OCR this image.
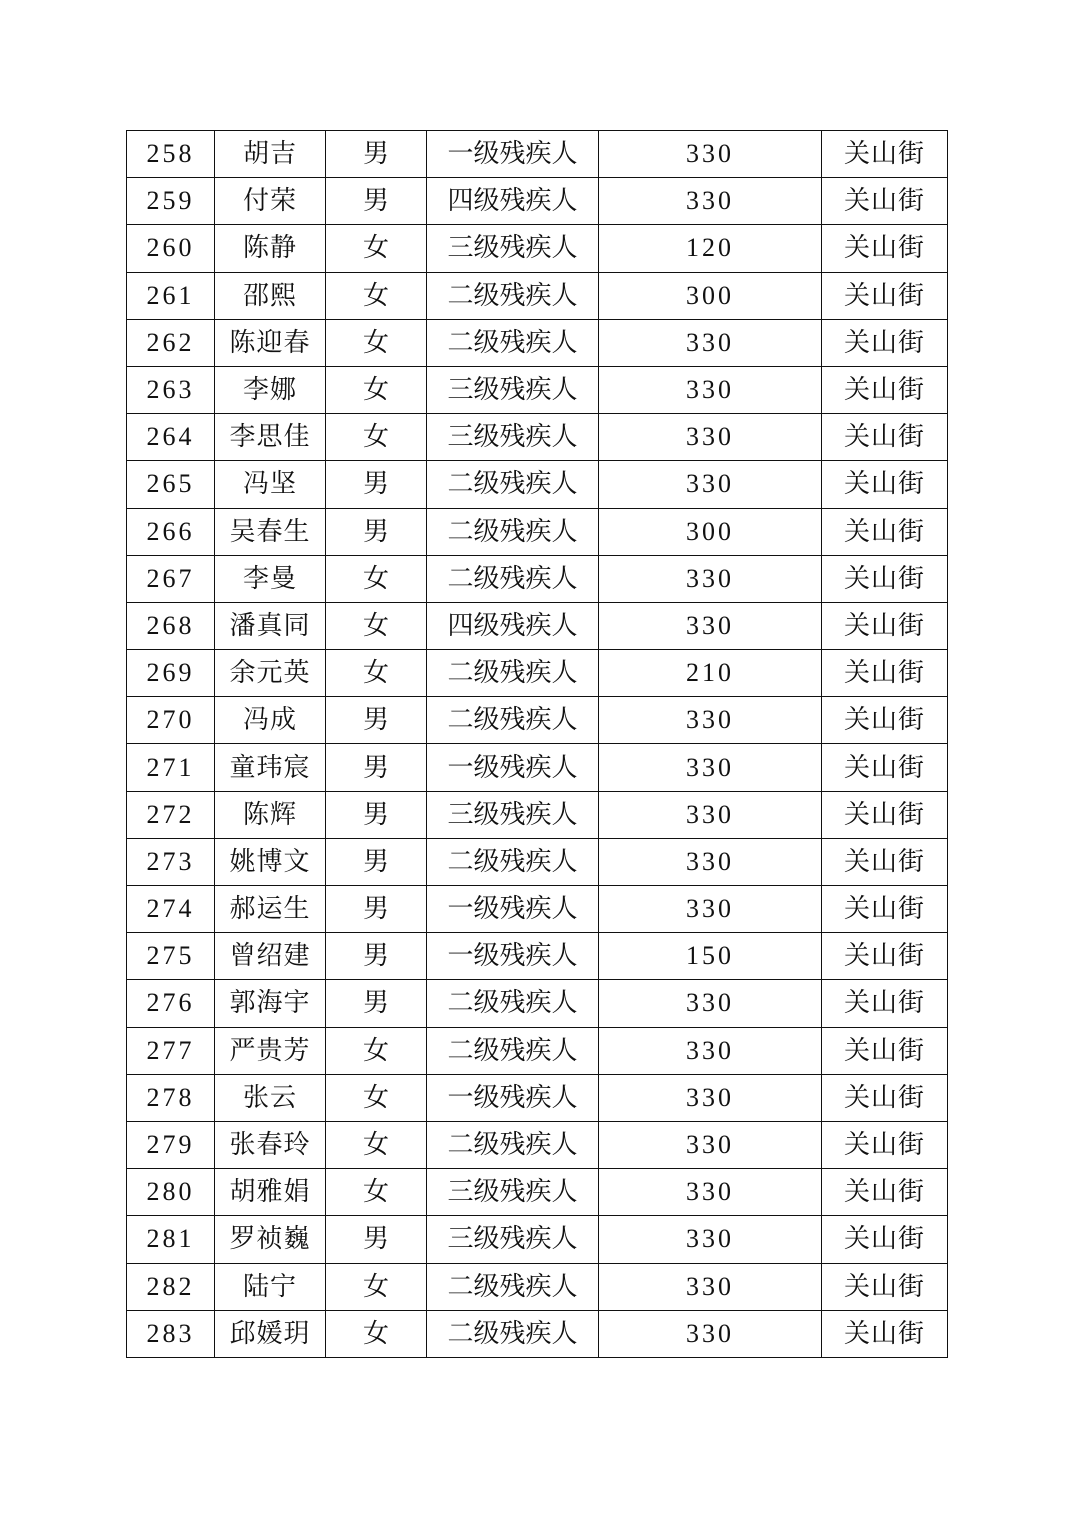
258	胡吉	男	一级残疾人	330	关山街
259	付荣	男	四级残疾人	330	关山街
260	陈静	女	三级残疾人	120	关山街
261	邵熙	女	二级残疾人	300	关山街
262	陈迎春	女	二级残疾人	330	关山街
263	李娜	女	三级残疾人	330	关山街
264	李思佳	女	三级残疾人	330	关山街
265	冯坚	男	二级残疾人	330	关山街
266	吴春生	男	二级残疾人	300	关山街
267	李曼	女	二级残疾人	330	关山街
268	潘真同	女	四级残疾人	330	关山街
269	余元英	女	二级残疾人	210	关山街
270	冯成	男	二级残疾人	330	关山街
271	童玮宸	男	一级残疾人	330	关山街
272	陈辉	男	三级残疾人	330	关山街
273	姚博文	男	二级残疾人	330	关山街
274	郝运生	男	一级残疾人	330	关山街
275	曾绍建	男	一级残疾人	150	关山街
276	郭海宇	男	二级残疾人	330	关山街
277	严贵芳	女	二级残疾人	330	关山街
278	张云	女	一级残疾人	330	关山街
279	张春玲	女	二级残疾人	330	关山街
280	胡雅娟	女	三级残疾人	330	关山街
281	罗祯巍	男	三级残疾人	330	关山街
282	陆宁	女	二级残疾人	330	关山街
283	邱媛玥	女	二级残疾人	330	关山街
